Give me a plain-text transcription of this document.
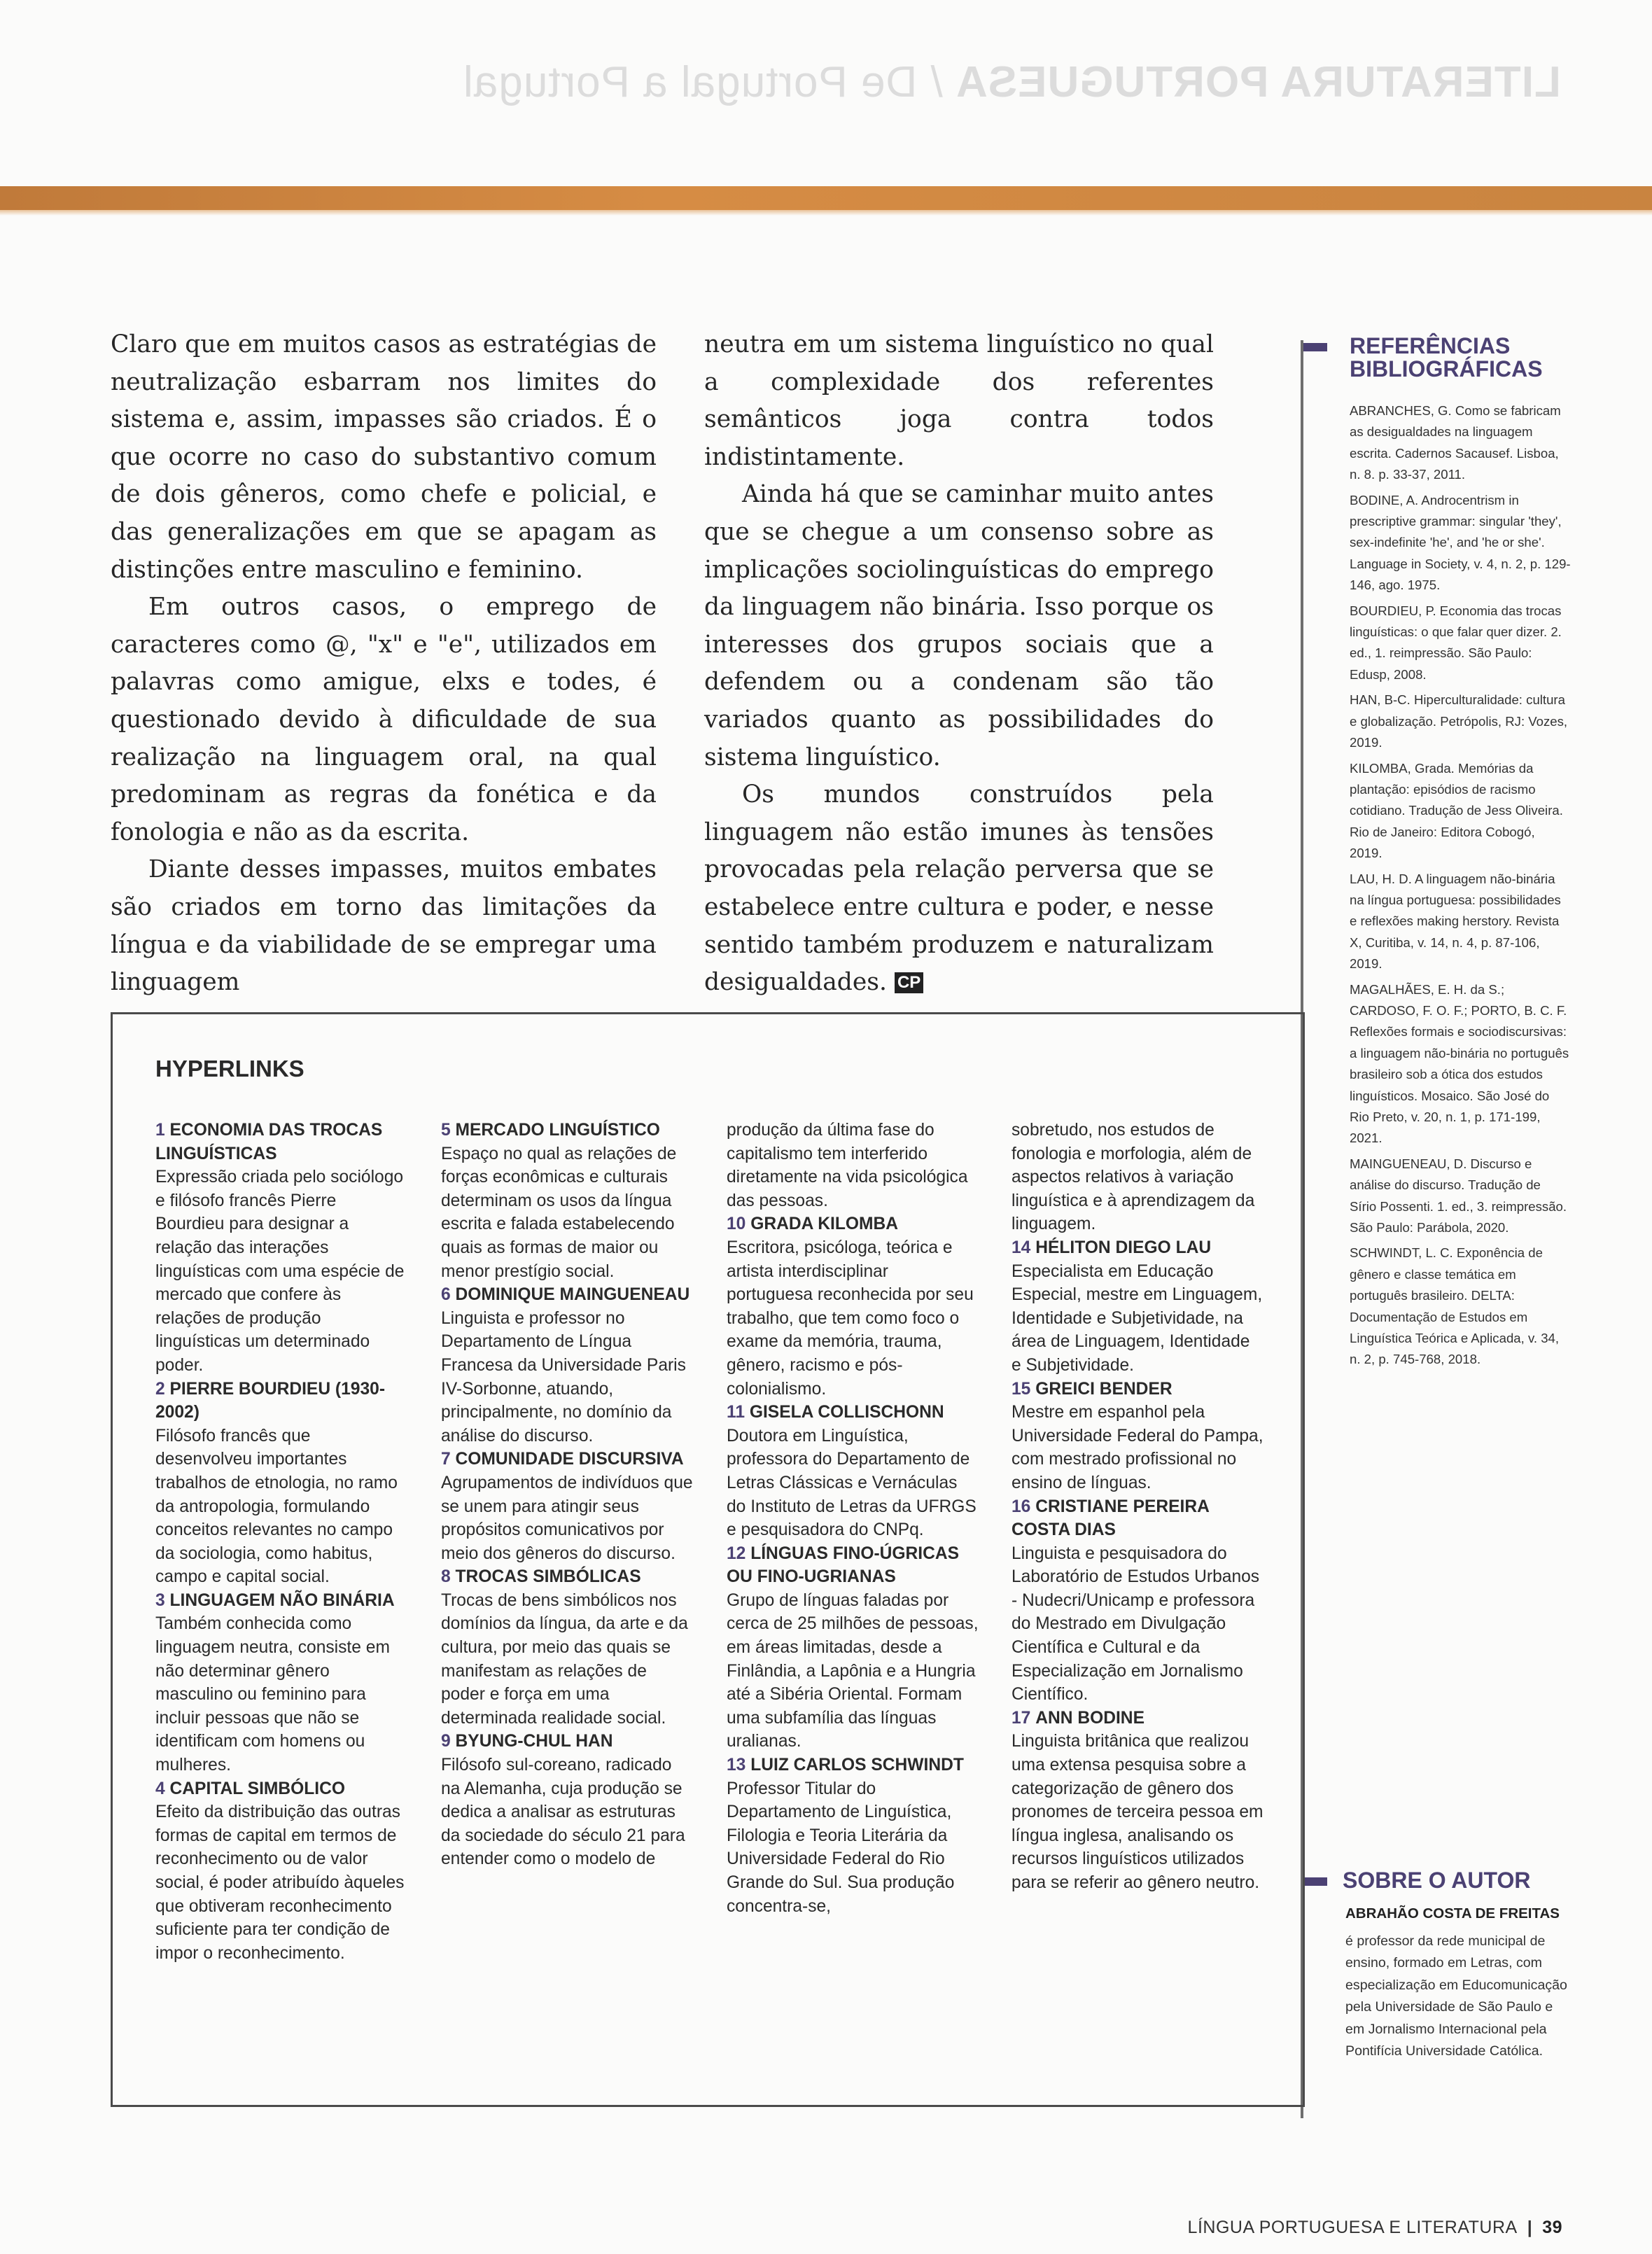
LITERATURA PORTUGUESA / De Portugal a Portugal

Claro que em muitos casos as estratégias de neutralização esbarram nos limites do sistema e, assim, impasses são criados. É o que ocorre no caso do substantivo comum de dois gêneros, como chefe e policial, e das generalizações em que se apagam as distinções entre masculino e feminino.

Em outros casos, o emprego de caracteres como @, "x" e "e", utilizados em palavras como amigue, elxs e todes, é questionado devido à dificuldade de sua realização na linguagem oral, na qual predominam as regras da fonética e da fonologia e não as da escrita.

Diante desses impasses, muitos embates são criados em torno das limitações da língua e da viabilidade de se empregar uma linguagem

neutra em um sistema linguístico no qual a complexidade dos referentes semânticos joga contra todos indistintamente.

Ainda há que se caminhar muito antes que se chegue a um consenso sobre as implicações sociolinguísticas do emprego da linguagem não binária. Isso porque os interesses dos grupos sociais que a defendem ou a condenam são tão variados quanto as possibilidades do sistema linguístico.

Os mundos construídos pela linguagem não estão imunes às tensões provocadas pela relação perversa que se estabelece entre cultura e poder, e nesse sentido também produzem e naturalizam desigualdades. CP

REFERÊNCIAS
BIBLIOGRÁFICAS

ABRANCHES, G. Como se fabricam as desigualdades na linguagem escrita. Cadernos Sacausef. Lisboa, n. 8. p. 33-37, 2011.

BODINE, A. Androcentrism in prescriptive grammar: singular 'they', sex-indefinite 'he', and 'he or she'. Language in Society, v. 4, n. 2, p. 129-146, ago. 1975.

BOURDIEU, P. Economia das trocas linguísticas: o que falar quer dizer. 2. ed., 1. reimpressão. São Paulo: Edusp, 2008.

HAN, B-C. Hiperculturalidade: cultura e globalização. Petrópolis, RJ: Vozes, 2019.

KILOMBA, Grada. Memórias da plantação: episódios de racismo cotidiano. Tradução de Jess Oliveira. Rio de Janeiro: Editora Cobogó, 2019.

LAU, H. D. A linguagem não-binária na língua portuguesa: possibilidades e reflexões making herstory. Revista X, Curitiba, v. 14, n. 4, p. 87-106, 2019.

MAGALHÃES, E. H. da S.; CARDOSO, F. O. F.; PORTO, B. C. F. Reflexões formais e sociodiscursivas: a linguagem não-binária no português brasileiro sob a ótica dos estudos linguísticos. Mosaico. São José do Rio Preto, v. 20, n. 1, p. 171-199, 2021.

MAINGUENEAU, D. Discurso e análise do discurso. Tradução de Sírio Possenti. 1. ed., 3. reimpressão. São Paulo: Parábola, 2020.

SCHWINDT, L. C. Exponência de gênero e classe temática em português brasileiro. DELTA: Documentação de Estudos em Linguística Teórica e Aplicada, v. 34, n. 2, p. 745-768, 2018.

SOBRE O AUTOR
ABRAHÃO COSTA DE FREITAS
é professor da rede municipal de ensino, formado em Letras, com especialização em Educomunicação pela Universidade de São Paulo e em Jornalismo Internacional pela Pontifícia Universidade Católica.
HYPERLINKS
1 ECONOMIA DAS TROCAS LINGUÍSTICAS
Expressão criada pelo sociólogo e filósofo francês Pierre Bourdieu para designar a relação das interações linguísticas com uma espécie de mercado que confere às relações de produção linguísticas um determinado poder.
2 PIERRE BOURDIEU (1930-2002)
Filósofo francês que desenvolveu importantes trabalhos de etnologia, no ramo da antropologia, formulando conceitos relevantes no campo da sociologia, como habitus, campo e capital social.
3 LINGUAGEM NÃO BINÁRIA
Também conhecida como linguagem neutra, consiste em não determinar gênero masculino ou feminino para incluir pessoas que não se identificam com homens ou mulheres.
4 CAPITAL SIMBÓLICO
Efeito da distribuição das outras formas de capital em termos de reconhecimento ou de valor social, é poder atribuído àqueles que obtiveram reconhecimento suficiente para ter condição de impor o reconhecimento.
5 MERCADO LINGUÍSTICO
Espaço no qual as relações de forças econômicas e culturais determinam os usos da língua escrita e falada estabelecendo quais as formas de maior ou menor prestígio social.
6 DOMINIQUE MAINGUENEAU
Linguista e professor no Departamento de Língua Francesa da Universidade Paris IV-Sorbonne, atuando, principalmente, no domínio da análise do discurso.
7 COMUNIDADE DISCURSIVA
Agrupamentos de indivíduos que se unem para atingir seus propósitos comunicativos por meio dos gêneros do discurso.
8 TROCAS SIMBÓLICAS
Trocas de bens simbólicos nos domínios da língua, da arte e da cultura, por meio das quais se manifestam as relações de poder e força em uma determinada realidade social.
9 BYUNG-CHUL HAN
Filósofo sul-coreano, radicado na Alemanha, cuja produção se dedica a analisar as estruturas da sociedade do século 21 para entender como o modelo de
produção da última fase do capitalismo tem interferido diretamente na vida psicológica das pessoas.
10 GRADA KILOMBA
Escritora, psicóloga, teórica e artista interdisciplinar portuguesa reconhecida por seu trabalho, que tem como foco o exame da memória, trauma, gênero, racismo e pós-colonialismo.
11 GISELA COLLISCHONN
Doutora em Linguística, professora do Departamento de Letras Clássicas e Vernáculas do Instituto de Letras da UFRGS e pesquisadora do CNPq.
12 LÍNGUAS FINO-ÚGRICAS OU FINO-UGRIANAS
Grupo de línguas faladas por cerca de 25 milhões de pessoas, em áreas limitadas, desde a Finlândia, a Lapônia e a Hungria até a Sibéria Oriental. Formam uma subfamília das línguas uralianas.
13 LUIZ CARLOS SCHWINDT
Professor Titular do Departamento de Linguística, Filologia e Teoria Literária da Universidade Federal do Rio Grande do Sul. Sua produção concentra-se,
sobretudo, nos estudos de fonologia e morfologia, além de aspectos relativos à variação linguística e à aprendizagem da linguagem.
14 HÉLITON DIEGO LAU
Especialista em Educação Especial, mestre em Linguagem, Identidade e Subjetividade, na área de Linguagem, Identidade e Subjetividade.
15 GREICI BENDER
Mestre em espanhol pela Universidade Federal do Pampa, com mestrado profissional no ensino de línguas.
16 CRISTIANE PEREIRA COSTA DIAS
Linguista e pesquisadora do Laboratório de Estudos Urbanos - Nudecri/Unicamp e professora do Mestrado em Divulgação Científica e Cultural e da Especialização em Jornalismo Científico.
17 ANN BODINE
Linguista britânica que realizou uma extensa pesquisa sobre a categorização de gênero dos pronomes de terceira pessoa em língua inglesa, analisando os recursos linguísticos utilizados para se referir ao gênero neutro.
LÍNGUA PORTUGUESA E LITERATURA | 39
